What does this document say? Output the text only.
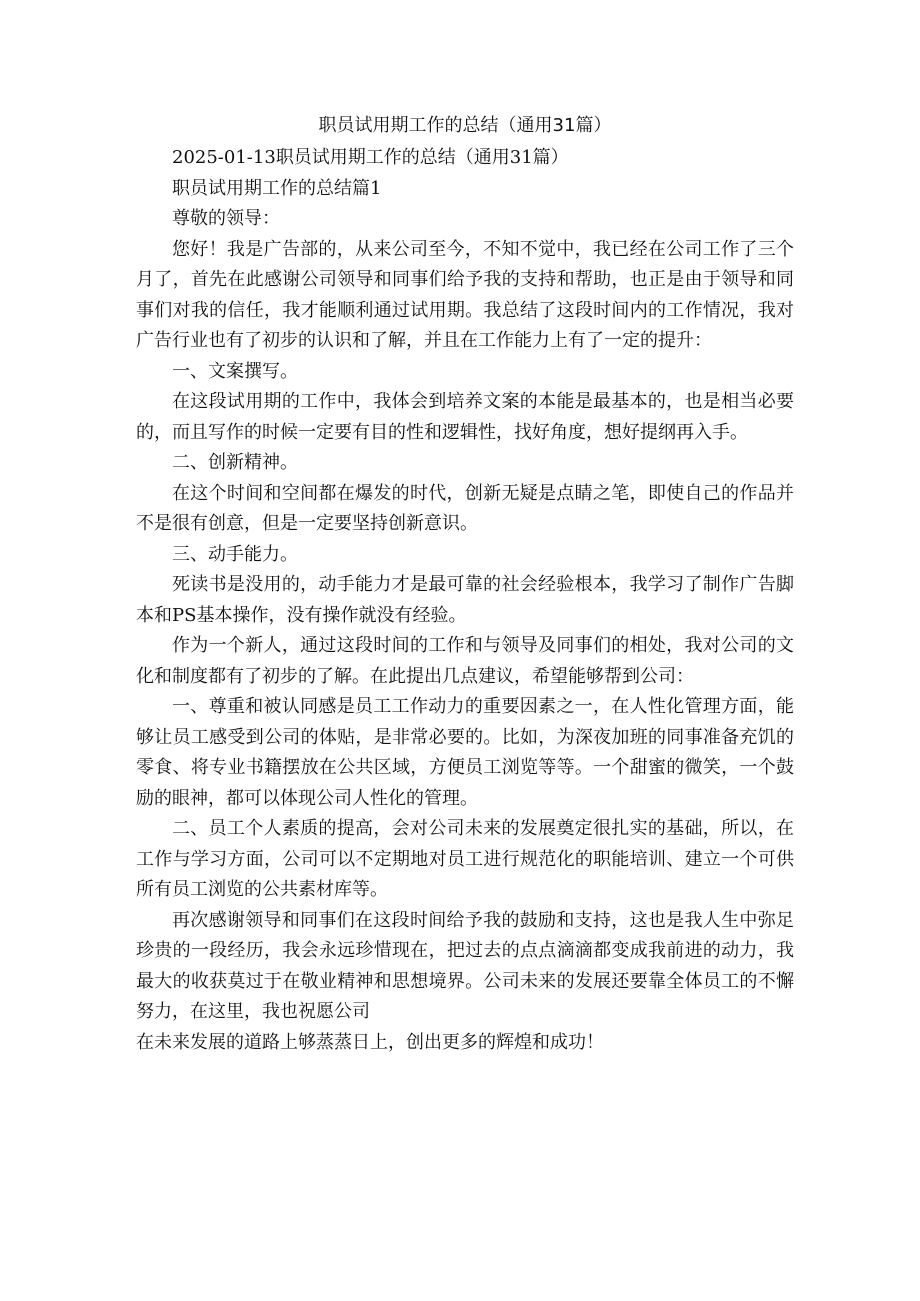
职员试用期工作的总结（通用31篇）

2025-01-13职员试用期工作的总结（通用31篇）

职员试用期工作的总结篇1

尊敬的领导：

您好！我是广告部的，从来公司至今，不知不觉中，我已经在公司工作了三个月了，首先在此感谢公司领导和同事们给予我的支持和帮助，也正是由于领导和同事们对我的信任，我才能顺利通过试用期。我总结了这段时间内的工作情况，我对广告行业也有了初步的认识和了解，并且在工作能力上有了一定的提升：

一、文案撰写。

在这段试用期的工作中，我体会到培养文案的本能是最基本的，也是相当必要的，而且写作的时候一定要有目的性和逻辑性，找好角度，想好提纲再入手。

二、创新精神。

在这个时间和空间都在爆发的时代，创新无疑是点睛之笔，即使自己的作品并不是很有创意，但是一定要坚持创新意识。

三、动手能力。

死读书是没用的，动手能力才是最可靠的社会经验根本，我学习了制作广告脚本和PS基本操作，没有操作就没有经验。

作为一个新人，通过这段时间的工作和与领导及同事们的相处，我对公司的文化和制度都有了初步的了解。在此提出几点建议，希望能够帮到公司：

一、尊重和被认同感是员工工作动力的重要因素之一，在人性化管理方面，能够让员工感受到公司的体贴，是非常必要的。比如，为深夜加班的同事准备充饥的零食、将专业书籍摆放在公共区域，方便员工浏览等等。一个甜蜜的微笑，一个鼓励的眼神，都可以体现公司人性化的管理。

二、员工个人素质的提高，会对公司未来的发展奠定很扎实的基础，所以，在工作与学习方面，公司可以不定期地对员工进行规范化的职能培训、建立一个可供所有员工浏览的公共素材库等。

再次感谢领导和同事们在这段时间给予我的鼓励和支持，这也是我人生中弥足珍贵的一段经历，我会永远珍惜现在，把过去的点点滴滴都变成我前进的动力，我最大的收获莫过于在敬业精神和思想境界。公司未来的发展还要靠全体员工的不懈努力，在这里，我也祝愿公司

在未来发展的道路上够蒸蒸日上，创出更多的辉煌和成功！
